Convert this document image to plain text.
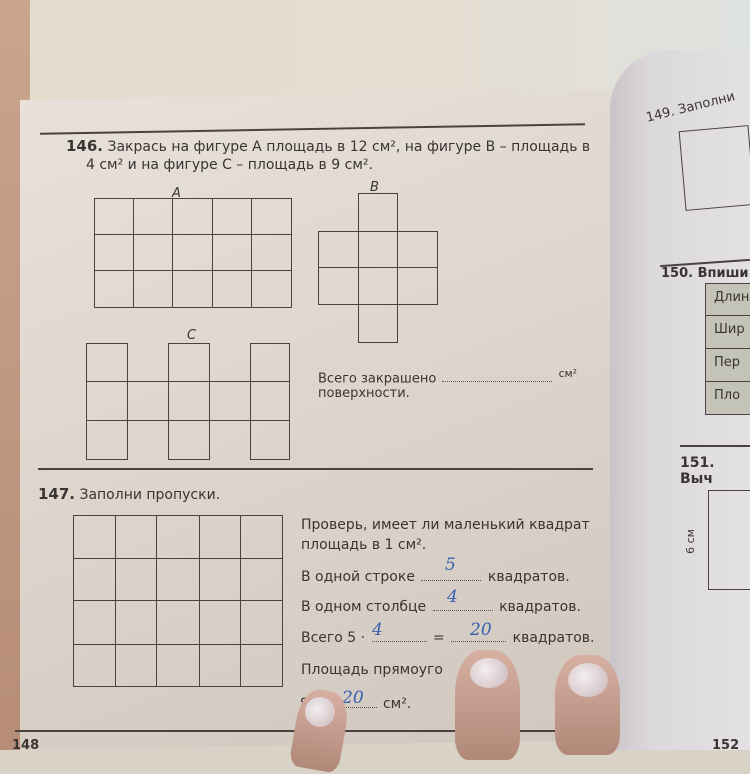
146. Закрась на фигуре A площадь в 12 см², на фигуре B – площадь в
4 см² и на фигуре C – площадь в 9 см².
A	B
C
Всего закрашено	$^{см^2}$
поверхности.
147. Заполни пропуски.
Проверь, имеет ли маленький квадрат
площадь в 1 см².
В одной строке	квадратов.
5
В одном столбце	квадратов.
4
Всего 5 ·	=	квадратов.
4	20
Площадь прямоуго
см².
20
148
149. Заполни
150. Впиши
Длин
Шир
Пер
Пло
151. Выч
6 см
152
